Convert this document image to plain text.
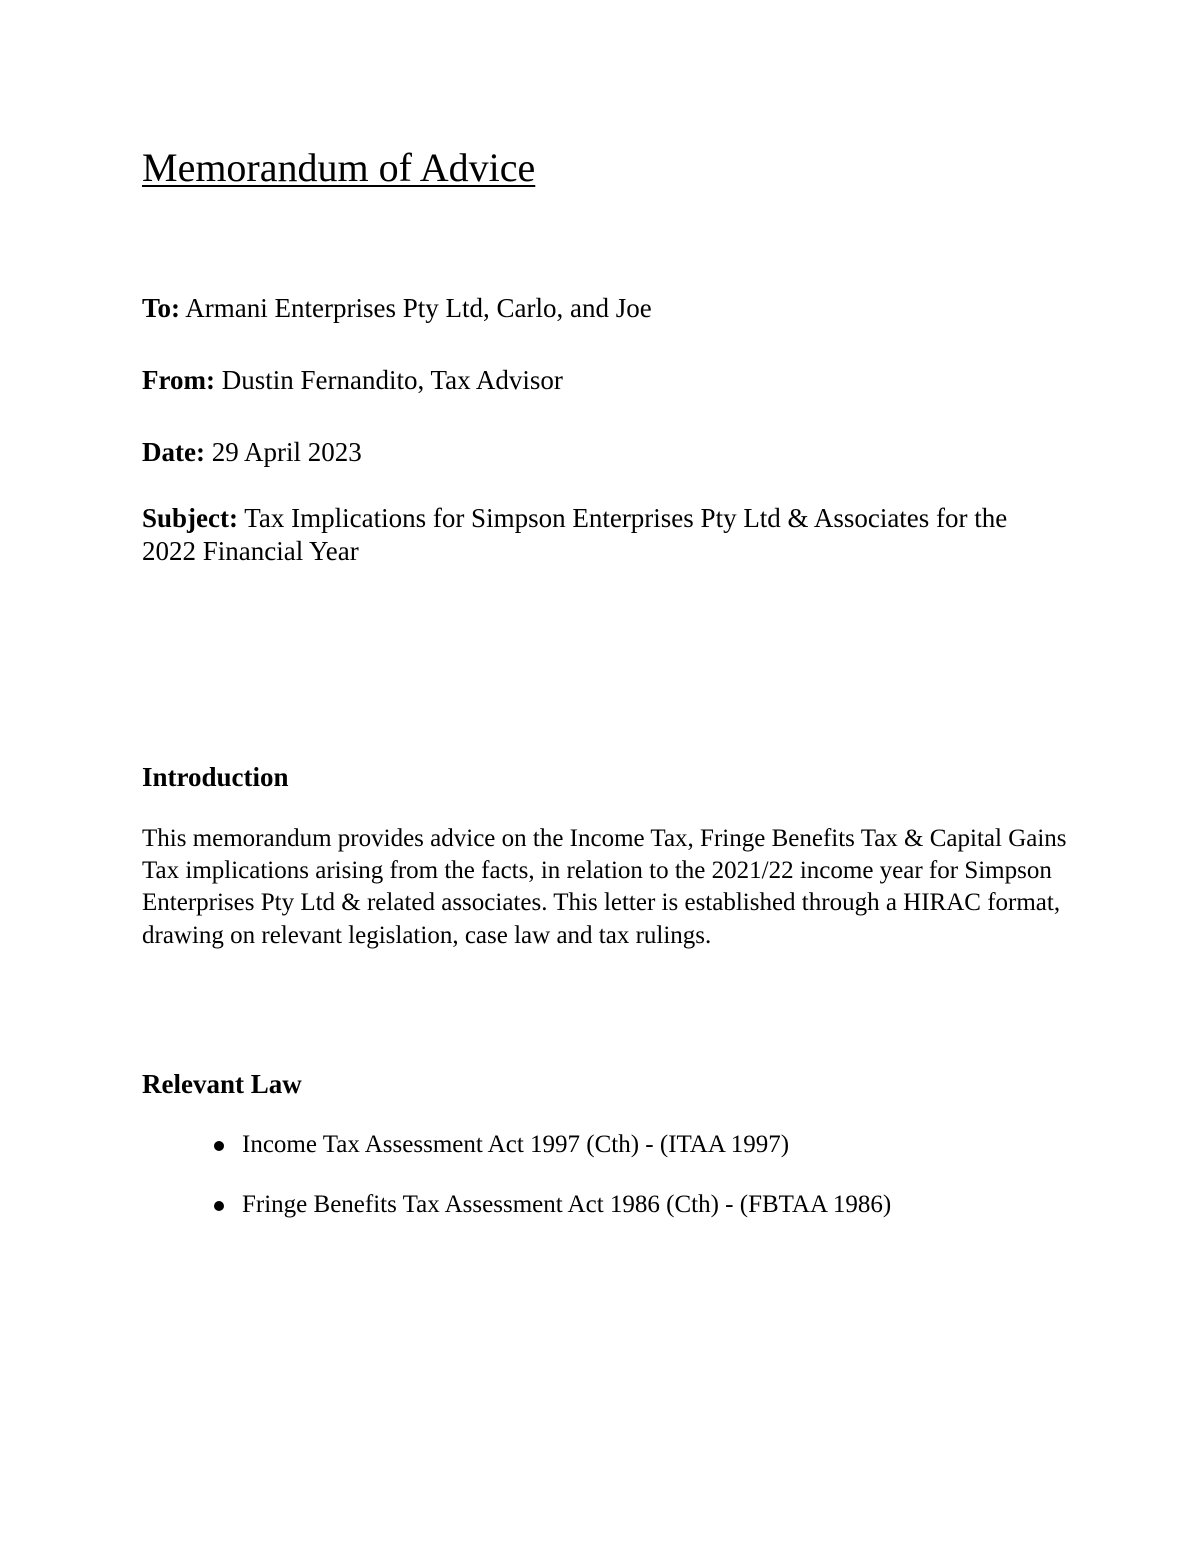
Memorandum of Advice

To: Armani Enterprises Pty Ltd, Carlo, and Joe

From: Dustin Fernandito, Tax Advisor

Date: 29 April 2023

Subject: Tax Implications for Simpson Enterprises Pty Ltd & Associates for the 2022 Financial Year

Introduction

This memorandum provides advice on the Income Tax, Fringe Benefits Tax & Capital Gains Tax implications arising from the facts, in relation to the 2021/22 income year for Simpson Enterprises Pty Ltd & related associates. This letter is established through a HIRAC format, drawing on relevant legislation, case law and tax rulings.

Relevant Law
Income Tax Assessment Act 1997 (Cth) - (ITAA 1997)
Fringe Benefits Tax Assessment Act 1986 (Cth) - (FBTAA 1986)
